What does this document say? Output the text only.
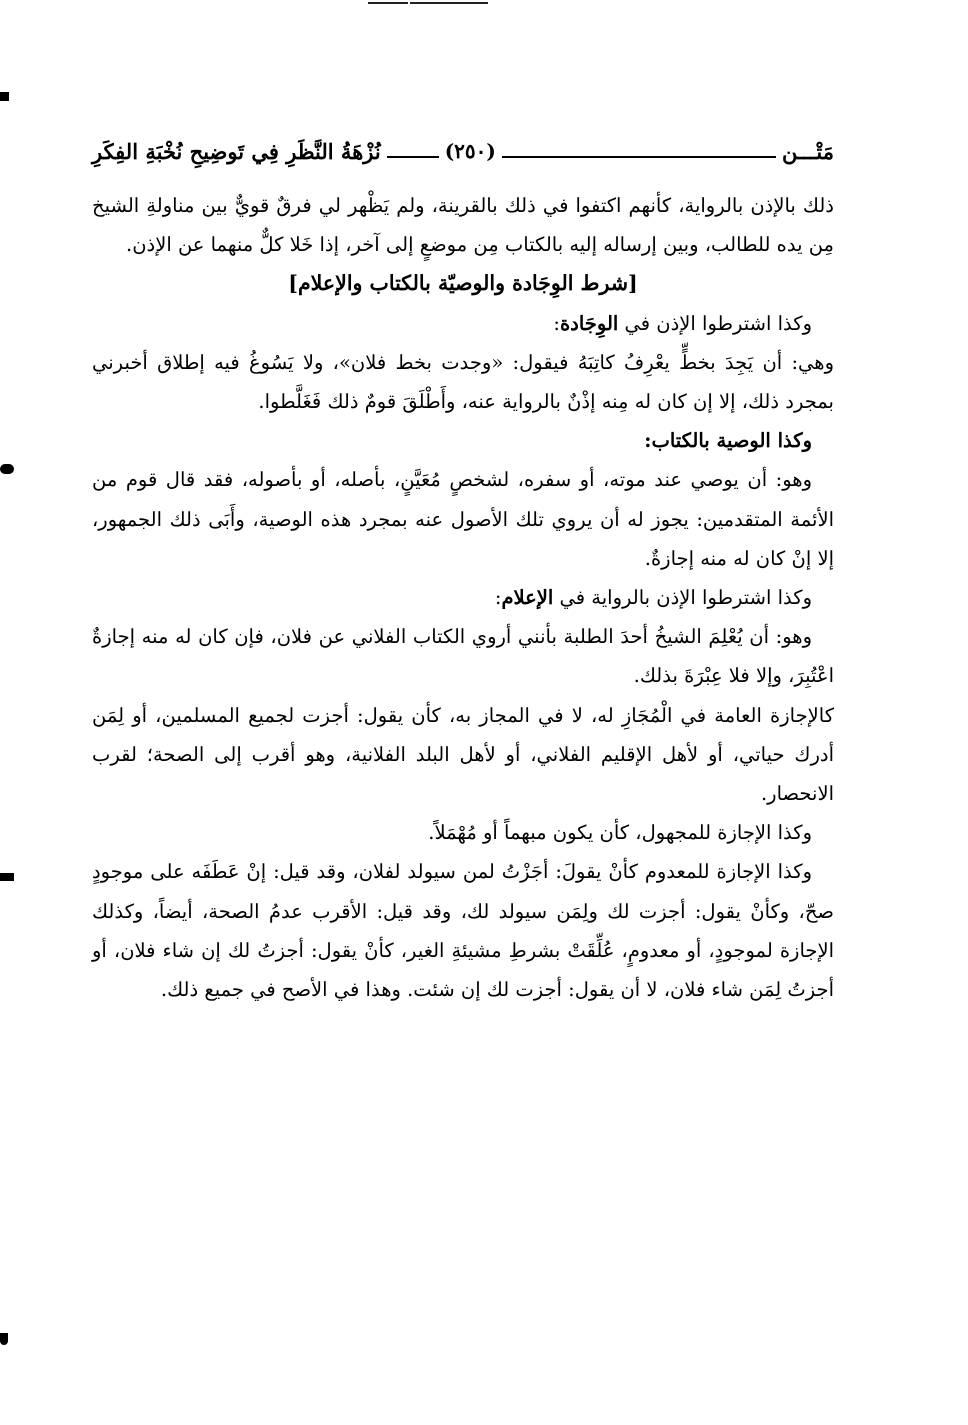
مَتْـــن
(٢٥٠)
نُزْهَةُ النَّظَرِ فِي تَوضِيحِ نُخْبَةِ الفِكَرِ

ذلك بالإذن بالرواية، كأنهم اكتفوا في ذلك بالقرينة، ولم يَظْهر لي فرقٌ قويٌّ بين مناولةِ الشيخ مِن يده للطالب، وبين إرساله إليه بالكتاب مِن موضعٍ إلى آخر، إذا خَلا كلٌّ منهما عن الإذن.

[شرط الوِجَادة والوصيّة بالكتاب والإعلام]

وكذا اشترطوا الإذن في الوِجَادة:

وهي: أن يَجِدَ بخطٍّ يعْرِفُ كاتِبَهُ فيقول: «وجدت بخط فلان»، ولا يَسُوغُ فيه إطلاق أخبرني بمجرد ذلك، إلا إن كان له مِنه إذْنٌ بالرواية عنه، وأَطْلَقَ قومٌ ذلك فَغَلَّطوا.

وكذا الوصية بالكتاب:

وهو: أن يوصي عند موته، أو سفره، لشخصٍ مُعَيَّنٍ، بأصله، أو بأصوله، فقد قال قوم من الأئمة المتقدمين: يجوز له أن يروي تلك الأصول عنه بمجرد هذه الوصية، وأَبَى ذلك الجمهور، إلا إنْ كان له منه إجازةٌ.

وكذا اشترطوا الإذن بالرواية في الإعلام:

وهو: أن يُعْلِمَ الشيخُ أحدَ الطلبة بأنني أروي الكتاب الفلاني عن فلان، فإن كان له منه إجازةٌ اعْتُبِرَ، وإلا فلا عِبْرَةَ بذلك.

كالإجازة العامة في الْمُجَازِ له، لا في المجاز به، كأن يقول: أجزت لجميع المسلمين، أو لِمَن أدرك حياتي، أو لأهل الإقليم الفلاني، أو لأهل البلد الفلانية، وهو أقرب إلى الصحة؛ لقرب الانحصار.

وكذا الإجازة للمجهول، كأن يكون مبهماً أو مُهْمَلاً.

وكذا الإجازة للمعدوم كأنْ يقولَ: أجَزْتُ لمن سيولد لفلان، وقد قيل: إنْ عَطَفَه على موجودٍ صحّ، وكأنْ يقول: أجزت لك ولِمَن سيولد لك، وقد قيل: الأقرب عدمُ الصحة، أيضاً، وكذلك الإجازة لموجودٍ، أو معدومٍ، عُلِّقَتْ بشرطِ مشيئةِ الغير، كأنْ يقول: أجزتُ لك إن شاء فلان، أو أجزتُ لِمَن شاء فلان، لا أن يقول: أجزت لك إن شئت. وهذا في الأصح في جميع ذلك.
